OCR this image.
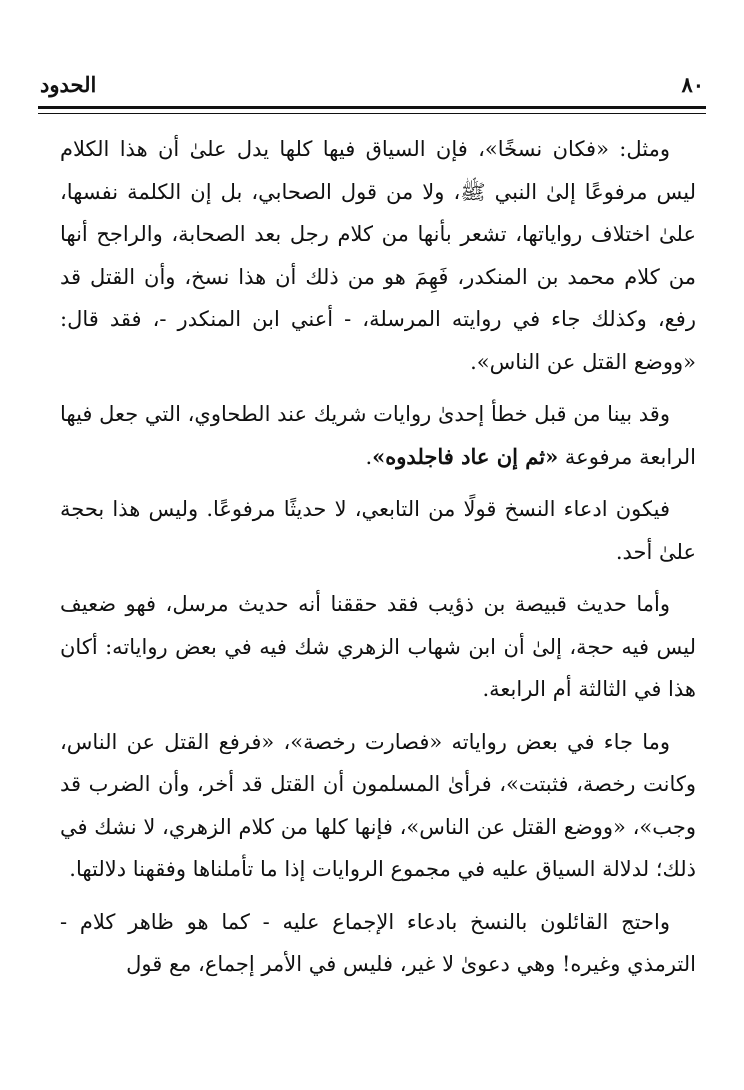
٨٠
الحدود

ومثل: «فكان نسخًا»، فإن السياق فيها كلها يدل علىٰ أن هذا الكلام ليس مرفوعًا إلىٰ النبي ﷺ، ولا من قول الصحابي، بل إن الكلمة نفسها، علىٰ اختلاف رواياتها، تشعر بأنها من كلام رجل بعد الصحابة، والراجح أنها من كلام محمد بن المنكدر، فَهِمَ هو من ذلك أن هذا نسخ، وأن القتل قد رفع، وكذلك جاء في روايته المرسلة، - أعني ابن المنكدر -، فقد قال: «ووضع القتل عن الناس».

وقد بينا من قبل خطأ إحدىٰ روايات شريك عند الطحاوي، التي جعل فيها الرابعة مرفوعة «ثم إن عاد فاجلدوه».

فيكون ادعاء النسخ قولًا من التابعي، لا حديثًا مرفوعًا. وليس هذا بحجة علىٰ أحد.

وأما حديث قبيصة بن ذؤيب فقد حققنا أنه حديث مرسل، فهو ضعيف ليس فيه حجة، إلىٰ أن ابن شهاب الزهري شك فيه في بعض رواياته: أكان هذا في الثالثة أم الرابعة.

وما جاء في بعض رواياته «فصارت رخصة»، «فرفع القتل عن الناس، وكانت رخصة، فثبتت»، فرأىٰ المسلمون أن القتل قد أخر، وأن الضرب قد وجب»، «ووضع القتل عن الناس»، فإنها كلها من كلام الزهري، لا نشك في ذلك؛ لدلالة السياق عليه في مجموع الروايات إذا ما تأملناها وفقهنا دلالتها.

واحتج القائلون بالنسخ بادعاء الإجماع عليه - كما هو ظاهر كلام - الترمذي وغيره! وهي دعوىٰ لا غير، فليس في الأمر إجماع، مع قول
